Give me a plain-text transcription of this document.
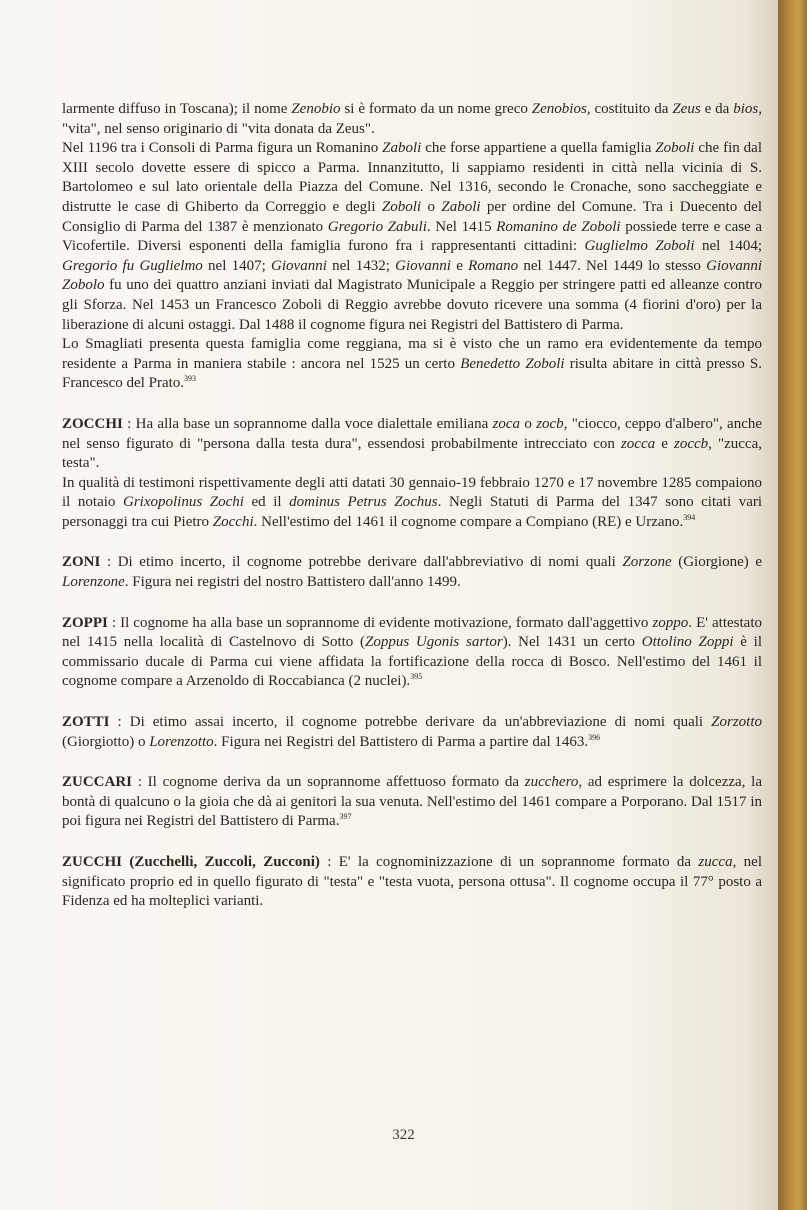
larmente diffuso in Toscana); il nome Zenobio si è formato da un nome greco Zenobios, costituito da Zeus e da bios, "vita", nel senso originario di "vita donata da Zeus".

Nel 1196 tra i Consoli di Parma figura un Romanino Zaboli che forse appartiene a quella famiglia Zoboli che fin dal XIII secolo dovette essere di spicco a Parma. Innanzitutto, li sappiamo residenti in città nella vicinia di S. Bartolomeo e sul lato orientale della Piazza del Comune. Nel 1316, secondo le Cronache, sono saccheggiate e distrutte le case di Ghiberto da Correggio e degli Zoboli o Zaboli per ordine del Comune. Tra i Duecento del Consiglio di Parma del 1387 è menzionato Gregorio Zabuli. Nel 1415 Romanino de Zoboli possiede terre e case a Vicofertile. Diversi esponenti della famiglia furono fra i rappresentanti cittadini: Guglielmo Zoboli nel 1404; Gregorio fu Guglielmo nel 1407; Giovanni nel 1432; Giovanni e Romano nel 1447. Nel 1449 lo stesso Giovanni Zobolo fu uno dei quattro anziani inviati dal Magistrato Municipale a Reggio per stringere patti ed alleanze contro gli Sforza. Nel 1453 un Francesco Zoboli di Reggio avrebbe dovuto ricevere una somma (4 fiorini d'oro) per la liberazione di alcuni ostaggi. Dal 1488 il cognome figura nei Registri del Battistero di Parma.

Lo Smagliati presenta questa famiglia come reggiana, ma si è visto che un ramo era evidentemente da tempo residente a Parma in maniera stabile : ancora nel 1525 un certo Benedetto Zoboli risulta abitare in città presso S. Francesco del Prato.$^{393}$

ZOCCHI : Ha alla base un soprannome dalla voce dialettale emiliana zoca o zocb, "ciocco, ceppo d'albero", anche nel senso figurato di "persona dalla testa dura", essendosi probabilmente intrecciato con zocca e zoccb, "zucca, testa".

In qualità di testimoni rispettivamente degli atti datati 30 gennaio-19 febbraio 1270 e 17 novembre 1285 compaiono il notaio Grixopolinus Zochi ed il dominus Petrus Zochus. Negli Statuti di Parma del 1347 sono citati vari personaggi tra cui Pietro Zocchi. Nell'estimo del 1461 il cognome compare a Compiano (RE) e Urzano.$^{394}$

ZONI : Di etimo incerto, il cognome potrebbe derivare dall'abbreviativo di nomi quali Zorzone (Giorgione) e Lorenzone. Figura nei registri del nostro Battistero dall'anno 1499.

ZOPPI : Il cognome ha alla base un soprannome di evidente motivazione, formato dall'aggettivo zoppo. E' attestato nel 1415 nella località di Castelnovo di Sotto (Zoppus Ugonis sartor). Nel 1431 un certo Ottolino Zoppi è il commissario ducale di Parma cui viene affidata la fortificazione della rocca di Bosco. Nell'estimo del 1461 il cognome compare a Arzenoldo di Roccabianca (2 nuclei).$^{395}$

ZOTTI : Di etimo assai incerto, il cognome potrebbe derivare da un'abbreviazione di nomi quali Zorzotto (Giorgiotto) o Lorenzotto. Figura nei Registri del Battistero di Parma a partire dal 1463.$^{396}$

ZUCCARI : Il cognome deriva da un soprannome affettuoso formato da zucchero, ad esprimere la dolcezza, la bontà di qualcuno o la gioia che dà ai genitori la sua venuta. Nell'estimo del 1461 compare a Porporano. Dal 1517 in poi figura nei Registri del Battistero di Parma.$^{397}$

ZUCCHI (Zucchelli, Zuccoli, Zucconi) : E' la cognominizzazione di un soprannome formato da zucca, nel significato proprio ed in quello figurato di "testa" e "testa vuota, persona ottusa". Il cognome occupa il 77° posto a Fidenza ed ha molteplici varianti.

322
